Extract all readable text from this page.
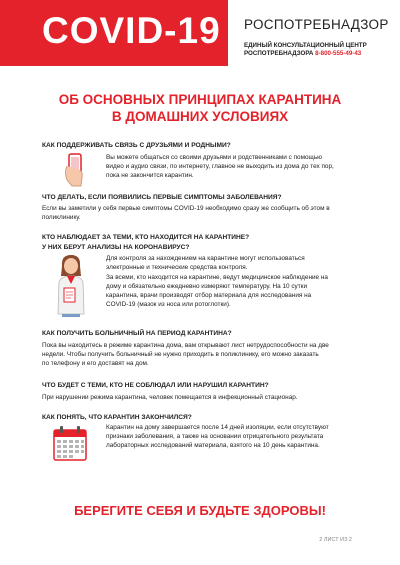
COVID-19 РОСПОТРЕБНАДЗОР
ЕДИНЫЙ КОНСУЛЬТАЦИОННЫЙ ЦЕНТР
РОСПОТРЕБНАДЗОРА 8-800-555-49-43
ОБ ОСНОВНЫХ ПРИНЦИПАХ КАРАНТИНА
В ДОМАШНИХ УСЛОВИЯХ
КАК ПОДДЕРЖИВАТЬ СВЯЗЬ С ДРУЗЬЯМИ И РОДНЫМИ?
Вы можете общаться со своими друзьями и родственниками с помощью
видео и аудио связи, по интернету, главное не выходить из дома до тех пор,
пока не закончится карантин.
ЧТО ДЕЛАТЬ, ЕСЛИ ПОЯВИЛИСЬ ПЕРВЫЕ СИМПТОМЫ ЗАБОЛЕВАНИЯ?
Если вы заметили у себя первые симптомы COVID-19 необходимо сразу же сообщить об этом в
поликлинику.
КТО НАБЛЮДАЕТ ЗА ТЕМИ, КТО НАХОДИТСЯ НА КАРАНТИНЕ?
У НИХ БЕРУТ АНАЛИЗЫ НА КОРОНАВИРУС?
Для контроля за нахождением на карантине могут использоваться
электронные и технические средства контроля.
За всеми, кто находится на карантине, ведут медицинское наблюдение на
дому и обязательно ежедневно измеряют температуру. На 10 сутки
карантина, врачи производят отбор материала для исследования на
COVID-19 (мазок из носа или ротоглотки).
КАК ПОЛУЧИТЬ БОЛЬНИЧНЫЙ НА ПЕРИОД КАРАНТИНА?
Пока вы находитесь в режиме карантина дома, вам открывают лист нетрудоспособности на две
недели. Чтобы получить больничный не нужно приходить в поликлинику, его можно заказать
по телефону и его доставят на дом.
ЧТО БУДЕТ С ТЕМИ, КТО НЕ СОБЛЮДАЛ ИЛИ НАРУШИЛ КАРАНТИН?
При нарушении режима карантина, человек помещается в инфекционный стационар.
КАК ПОНЯТЬ, ЧТО КАРАНТИН ЗАКОНЧИЛСЯ?
Карантин на дому завершается после 14 дней изоляции, если отсутствуют
признаки заболевания, а также на основании отрицательного результата
лабораторных исследований материала, взятого на 10 день карантина.
БЕРЕГИТЕ СЕБЯ И БУДЬТЕ ЗДОРОВЫ!
2 ЛИСТ ИЗ 2
